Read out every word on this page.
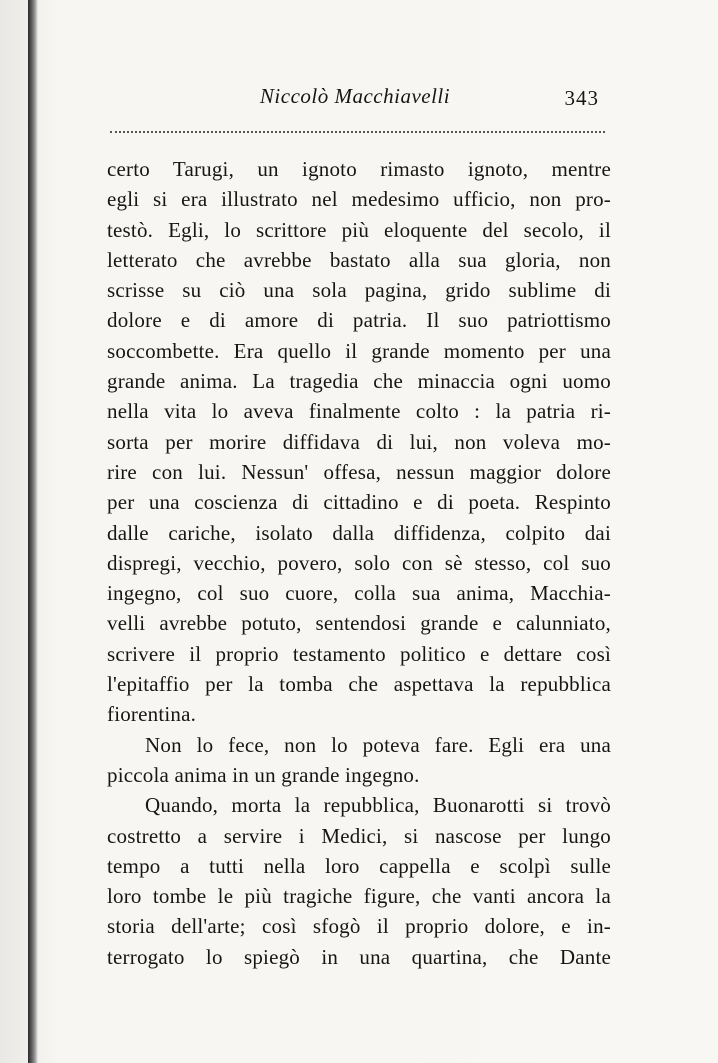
Niccolò Macchiavelli	343
certo Tarugi, un ignoto rimasto ignoto, mentre
egli si era illustrato nel medesimo ufficio, non pro-
testò. Egli, lo scrittore più eloquente del secolo, il
letterato che avrebbe bastato alla sua gloria, non
scrisse su ciò una sola pagina, grido sublime di
dolore e di amore di patria. Il suo patriottismo
soccombette. Era quello il grande momento per una
grande anima. La tragedia che minaccia ogni uomo
nella vita lo aveva finalmente colto : la patria ri-
sorta per morire diffidava di lui, non voleva mo-
rire con lui. Nessun' offesa, nessun maggior dolore
per una coscienza di cittadino e di poeta. Respinto
dalle cariche, isolato dalla diffidenza, colpito dai
dispregi, vecchio, povero, solo con sè stesso, col suo
ingegno, col suo cuore, colla sua anima, Macchia-
velli avrebbe potuto, sentendosi grande e calunniato,
scrivere il proprio testamento politico e dettare così
l'epitaffio per la tomba che aspettava la repubblica
fiorentina.
Non lo fece, non lo poteva fare. Egli era una
piccola anima in un grande ingegno.
Quando, morta la repubblica, Buonarotti si trovò
costretto a servire i Medici, si nascose per lungo
tempo a tutti nella loro cappella e scolpì sulle
loro tombe le più tragiche figure, che vanti ancora la
storia dell'arte; così sfogò il proprio dolore, e in-
terrogato lo spiegò in una quartina, che Dante
